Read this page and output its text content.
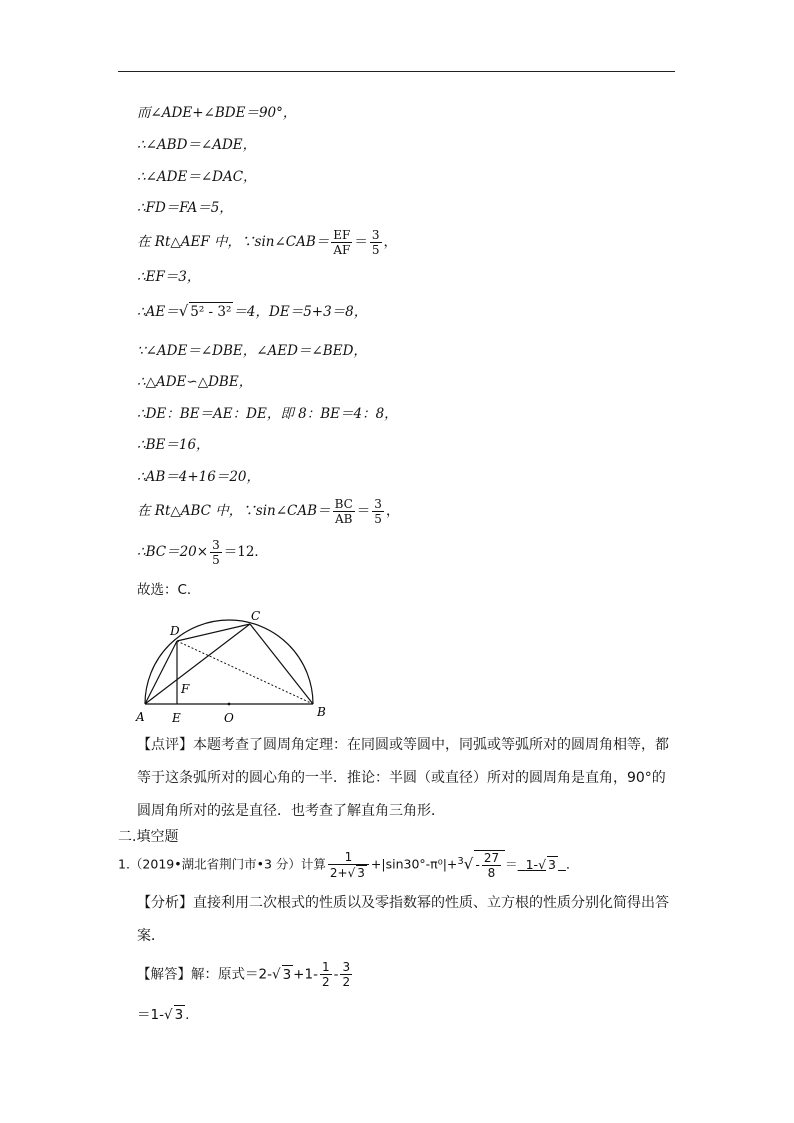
而∠ADE+∠BDE＝90°，
∴∠ABD＝∠ADE，
∴∠ADE＝∠DAC，
∴FD＝FA＝5，
在 Rt△AEF 中，∵sin∠CAB＝ $\frac{EF}{AF} = \frac{3}{5}$ ，
∴EF＝3，
∴AE＝√ 5² - 3² ＝4，DE＝5+3＝8，
∵∠ADE＝∠DBE，∠AED＝∠BED，
∴△ADE∽△DBE，
∴DE：BE＝AE：DE，即 8：BE＝4：8，
∴BE＝16，
∴AB＝4+16＝20，
在 Rt△ABC 中，∵sin∠CAB＝ $\frac{BC}{AB} = \frac{3}{5}$ ，
∴BC＝20× $\frac{3}{5} =12$．
故选：C．
A E	O	B
D
C
F
【点评】本题考查了圆周角定理：在同圆或等圆中，同弧或等弧所对的圆周角相等，都等于这条弧所对的圆心角的一半．推论：半圆（或直径）所对的圆周角是直角，90°的圆周角所对的弦是直径．也考查了解直角三角形．
二.填空题
1.（2019•湖北省荆门市•3 分）计算 $\frac{1}{2+√ 3} +|\sin 30^\circ-\pi^0|+^3√ - \frac{27}{8} = 1-√$ 3 ．
【分析】直接利用二次根式的性质以及零指数幂的性质、立方根的性质分别化简得出答案．
【解答】解：原式＝2-√ $3 +1- \frac{1}{2} - \frac{3}{2}$
＝1-√ 3 .
